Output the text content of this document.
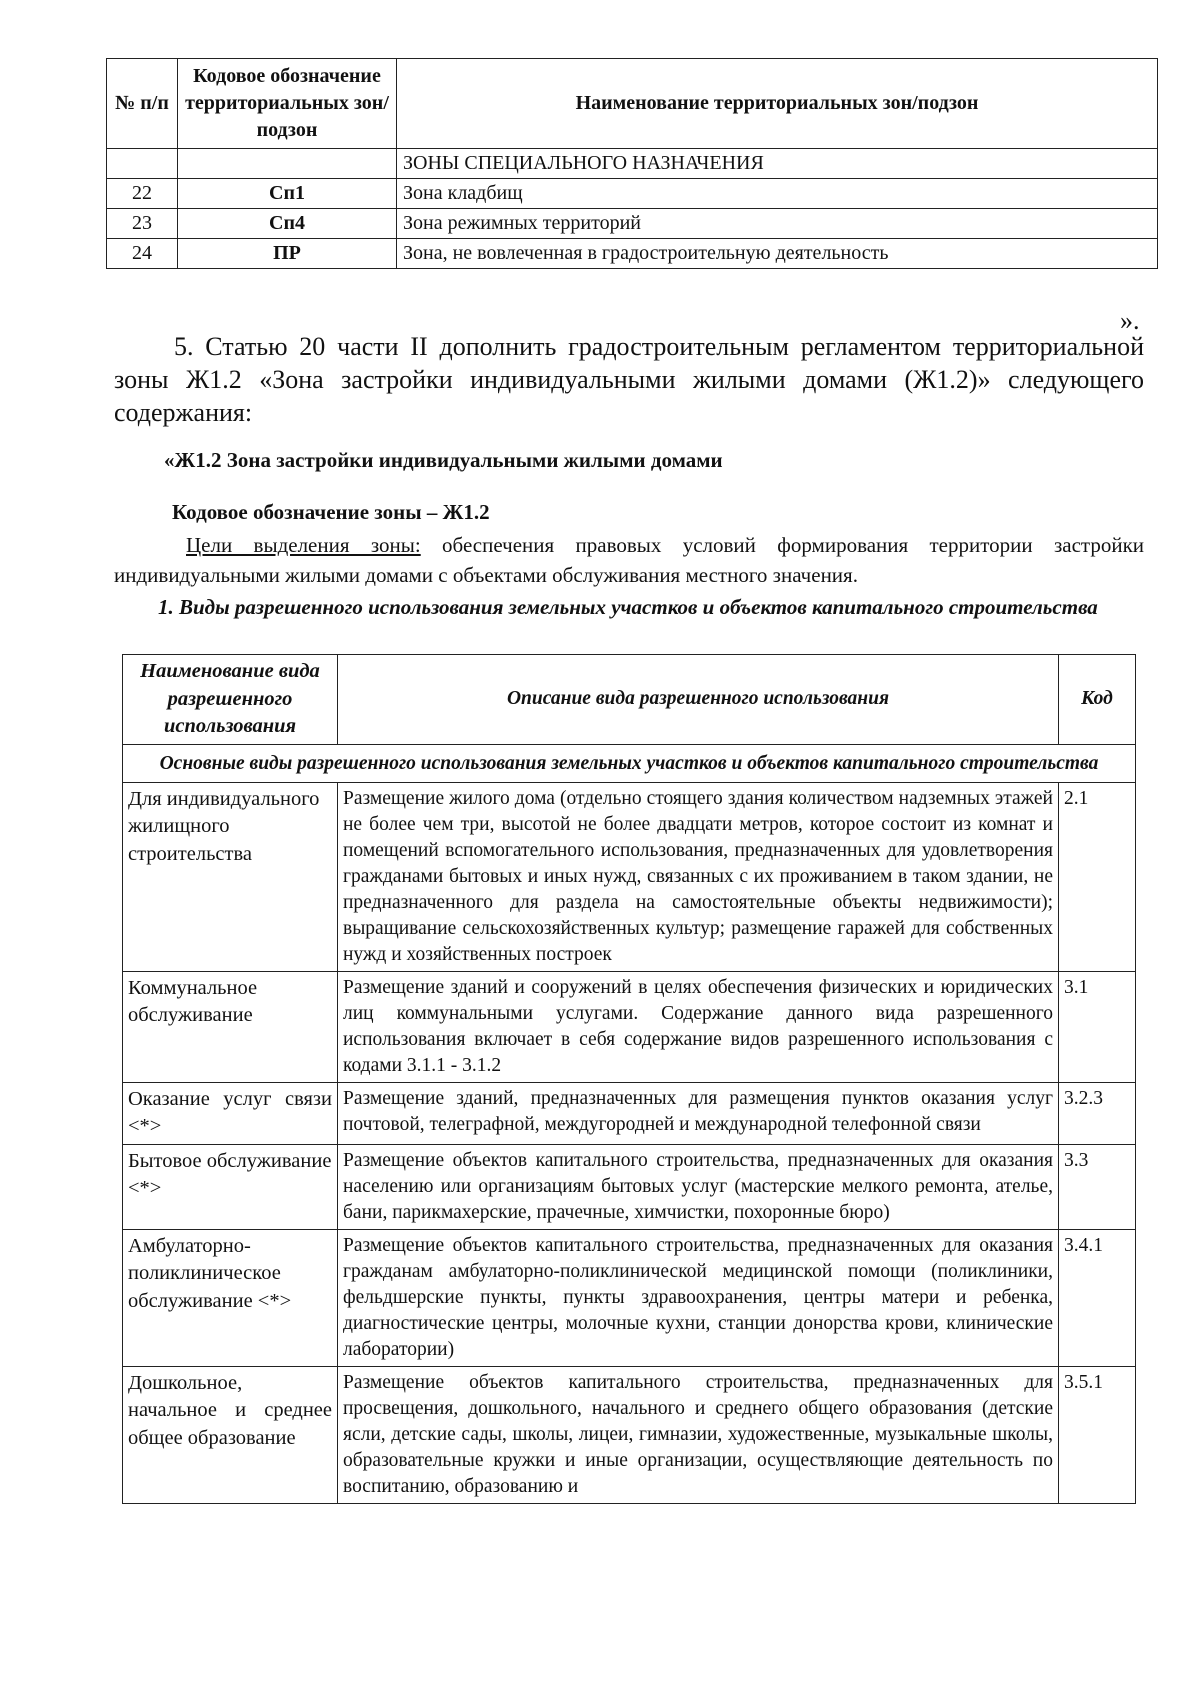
№ п/п	Кодовое обозначение территориальных зон/подзон	Наименование территориальных зон/подзон
		ЗОНЫ СПЕЦИАЛЬНОГО НАЗНАЧЕНИЯ
22	Сп1	Зона кладбищ
23	Сп4	Зона режимных территорий
24	ПР	Зона, не вовлеченная в градостроительную деятельность
».
5. Статью 20 части II дополнить градостроительным регламентом территориальной зоны Ж1.2 «Зона застройки индивидуальными жилыми домами (Ж1.2)» следующего содержания:
«Ж1.2 Зона застройки индивидуальными жилыми домами
Кодовое обозначение зоны – Ж1.2
Цели выделения зоны: обеспечения правовых условий формирования территории застройки индивидуальными жилыми домами с объектами обслуживания местного значения.
1. Виды разрешенного использования земельных участков и объектов капитального строительства
Наименование вида разрешенного использования	Описание вида разрешенного использования	Код
Основные виды разрешенного использования земельных участков и объектов капитального строительства		
Для индивидуального жилищного строительства	Размещение жилого дома (отдельно стоящего здания количеством надземных этажей не более чем три, высотой не более двадцати метров, которое состоит из комнат и помещений вспомогательного использования, предназначенных для удовлетворения гражданами бытовых и иных нужд, связанных с их проживанием в таком здании, не предназначенного для раздела на самостоятельные объекты недвижимости); выращивание сельскохозяйственных культур; размещение гаражей для собственных нужд и хозяйственных построек	2.1
Коммунальное обслуживание	Размещение зданий и сооружений в целях обеспечения физических и юридических лиц коммунальными услугами. Содержание данного вида разрешенного использования включает в себя содержание видов разрешенного использования с кодами 3.1.1 - 3.1.2	3.1
Оказание услуг связи <*>	Размещение зданий, предназначенных для размещения пунктов оказания услуг почтовой, телеграфной, междугородней и международной телефонной связи	3.2.3
Бытовое обслуживание <*>	Размещение объектов капитального строительства, предназначенных для оказания населению или организациям бытовых услуг (мастерские мелкого ремонта, ателье, бани, парикмахерские, прачечные, химчистки, похоронные бюро)	3.3
Амбулаторно-поликлиническое обслуживание <*>	Размещение объектов капитального строительства, предназначенных для оказания гражданам амбулаторно-поликлинической медицинской помощи (поликлиники, фельдшерские пункты, пункты здравоохранения, центры матери и ребенка, диагностические центры, молочные кухни, станции донорства крови, клинические лаборатории)	3.4.1
Дошкольное, начальное и среднее общее образование	Размещение объектов капитального строительства, предназначенных для просвещения, дошкольного, начального и среднего общего образования (детские ясли, детские сады, школы, лицеи, гимназии, художественные, музыкальные школы, образовательные кружки и иные организации, осуществляющие деятельность по воспитанию, образованию и	3.5.1
